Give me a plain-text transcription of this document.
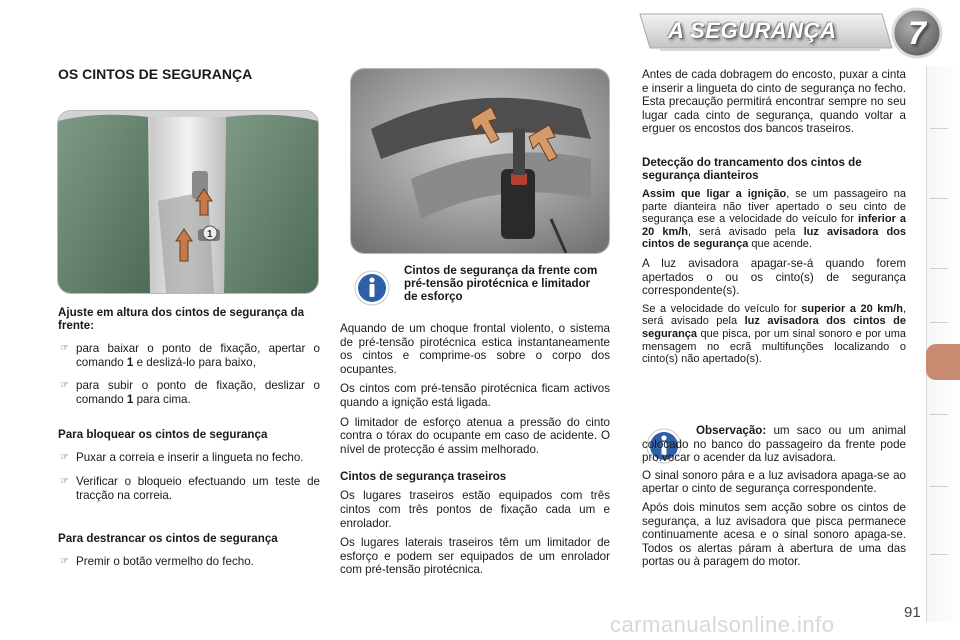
A SEGURANÇA	7
OS CINTOS DE SEGURANÇA
1
Ajuste em altura dos cintos de segurança da frente:
☞ para baixar o ponto de fixação, apertar o comando 1 e deslizá-lo para baixo,
☞ para subir o ponto de fixação, deslizar o comando 1 para cima.
Para bloquear os cintos de segurança
☞ Puxar a correia e inserir a lingueta no fecho.
☞ Verificar o bloqueio efectuando um teste de tracção na correia.
Para destrancar os cintos de segurança
☞ Premir o botão vermelho do fecho.
Cintos de segurança da frente com pré-tensão pirotécnica e limitador de esforço

Aquando de um choque frontal violento, o sistema de pré-tensão pirotécnica estica instantaneamente os cintos e comprime-os sobre o corpo dos ocupantes.

Os cintos com pré-tensão pirotécnica ficam activos quando a ignição está ligada.

O limitador de esforço atenua a pressão do cinto contra o tórax do ocupante em caso de acidente. O nível de protecção é assim melhorado.

Cintos de segurança traseiros

Os lugares traseiros estão equipados com três cintos com três pontos de fixação cada um e enrolador.

Os lugares laterais traseiros têm um limitador de esforço e podem ser equipados de um enrolador com pré-tensão pirotécnica.

Antes de cada dobragem do encosto, puxar a cinta e inserir a lingueta do cinto de segurança no fecho. Esta precaução permitirá encontrar sempre no seu lugar cada cinto de segurança, quando voltar a erguer os encostos dos bancos traseiros.

Detecção do trancamento dos cintos de segurança dianteiros

Assim que ligar a ignição, se um passageiro na parte dianteira não tiver apertado o seu cinto de segurança ese a velocidade do veículo for inferior a 20 km/h, será avisado pela luz avisadora dos cintos de segurança que acende.

A luz avisadora apagar-se-á quando forem apertados o ou os cinto(s) de segurança correspondente(s).

Se a velocidade do veículo for superior a 20 km/h, será avisado pela luz avisadora dos cintos de segurança que pisca, por um sinal sonoro e por uma mensagem no ecrã multifunções localizando o cinto(s) não apertado(s).

Observação: um saco ou um animal colocado no banco do passageiro da frente pode pro.vocar o acender da luz avisadora.

O sinal sonoro pára e a luz avisadora apaga-se ao apertar o cinto de segurança correspondente.

Após dois minutos sem acção sobre os cintos de segurança, a luz avisadora que pisca permanece continuamente acesa e o sinal sonoro apaga-se. Todos os alertas páram à abertura de uma das portas ou à paragem do motor.

carmanualsonline.info	91
